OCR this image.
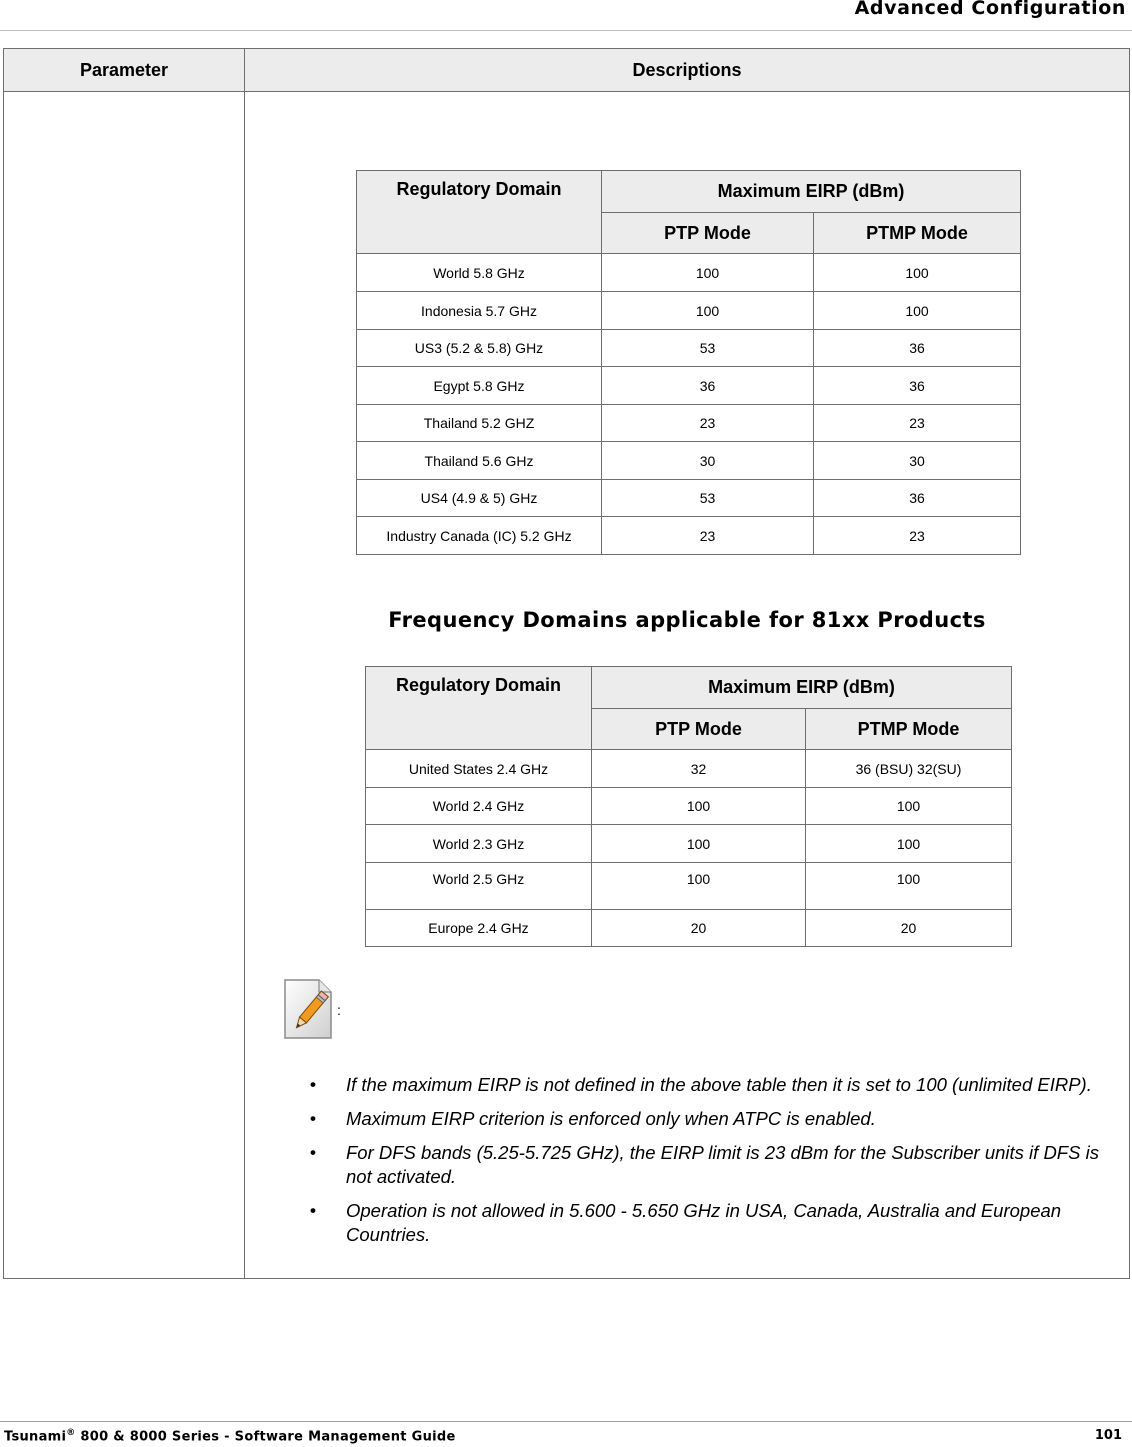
Advanced Configuration
Parameter	Descriptions
Regulatory Domain	Maximum EIRP (dBm)	
	PTP Mode	PTMP Mode
World 5.8 GHz	100	100
Indonesia 5.7 GHz	100	100
US3 (5.2 & 5.8) GHz	53	36
Egypt 5.8 GHz	36	36
Thailand 5.2 GHZ	23	23
Thailand 5.6 GHz	30	30
US4 (4.9 & 5) GHz	53	36
Industry Canada (IC) 5.2 GHz	23	23
Frequency Domains applicable for 81xx Products
Regulatory Domain	Maximum EIRP (dBm)	
	PTP Mode	PTMP Mode
United States 2.4 GHz	32	36 (BSU) 32(SU)
World 2.4 GHz	100	100
World 2.3 GHz	100	100
World 2.5 GHz	100	100
Europe 2.4 GHz	20	20
:
• If the maximum EIRP is not defined in the above table then it is set to 100 (unlimited EIRP).
• Maximum EIRP criterion is enforced only when ATPC is enabled.
• For DFS bands (5.25-5.725 GHz), the EIRP limit is 23 dBm for the Subscriber units if DFS is not activated.
• Operation is not allowed in 5.600 - 5.650 GHz in USA, Canada, Australia and European Countries.
Tsunami® 800 & 8000 Series - Software Management Guide	101
